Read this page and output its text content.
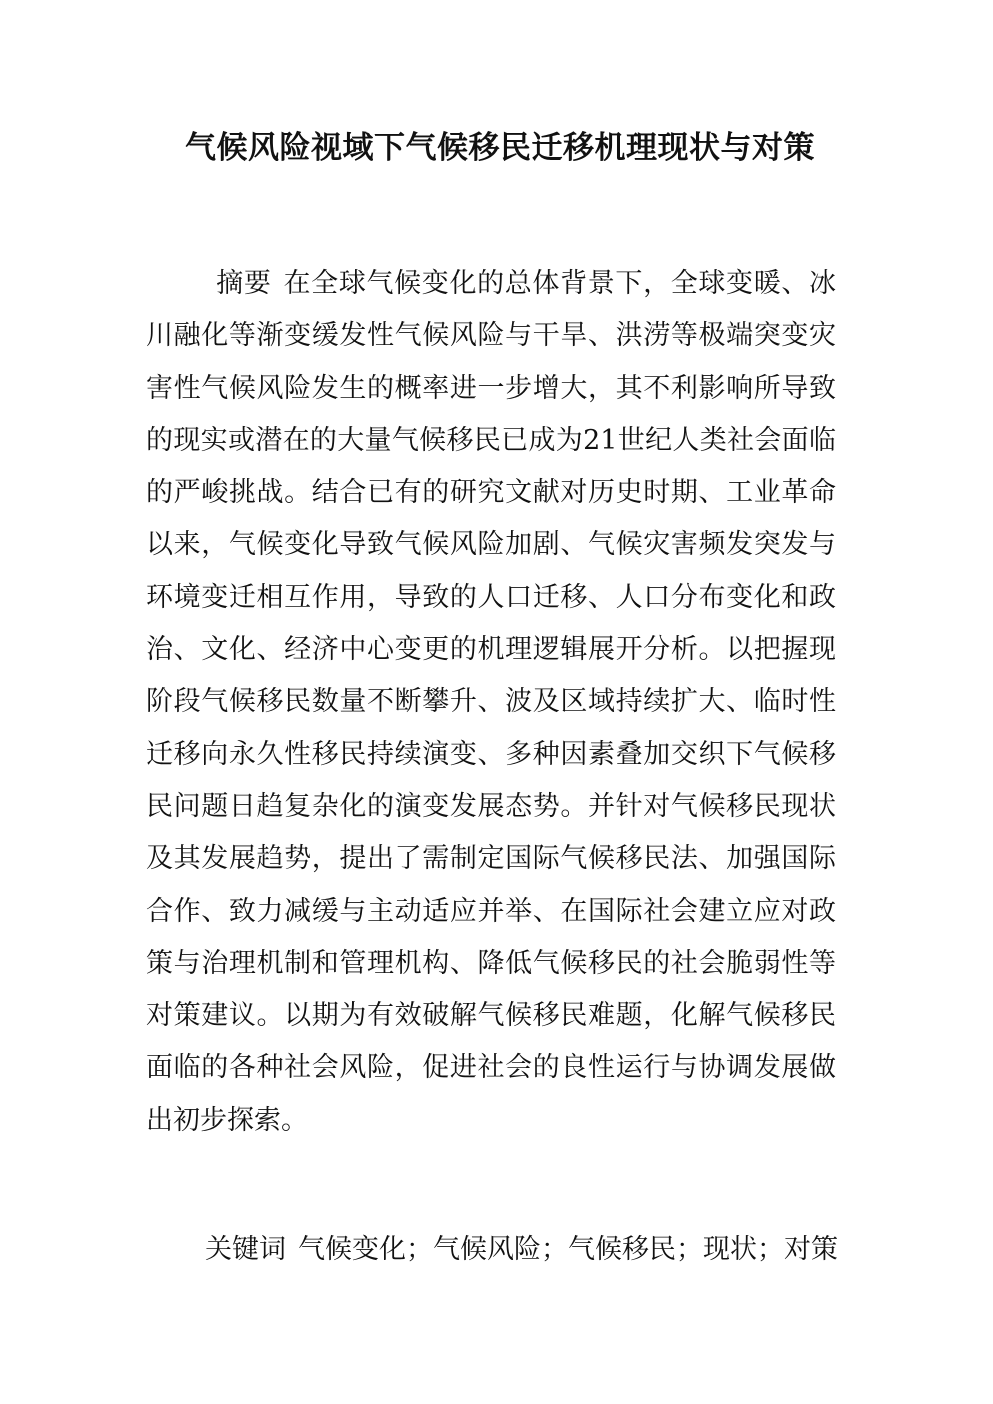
气候风险视域下气候移民迁移机理现状与对策

摘要 在全球气候变化的总体背景下，全球变暖、冰川融化等渐变缓发性气候风险与干旱、洪涝等极端突变灾害性气候风险发生的概率进一步增大，其不利影响所导致的现实或潜在的大量气候移民已成为21世纪人类社会面临的严峻挑战。结合已有的研究文献对历史时期、工业革命以来，气候变化导致气候风险加剧、气候灾害频发突发与环境变迁相互作用，导致的人口迁移、人口分布变化和政治、文化、经济中心变更的机理逻辑展开分析。以把握现阶段气候移民数量不断攀升、波及区域持续扩大、临时性迁移向永久性移民持续演变、多种因素叠加交织下气候移民问题日趋复杂化的演变发展态势。并针对气候移民现状及其发展趋势，提出了需制定国际气候移民法、加强国际合作、致力减缓与主动适应并举、在国际社会建立应对政策与治理机制和管理机构、降低气候移民的社会脆弱性等对策建议。以期为有效破解气候移民难题，化解气候移民面临的各种社会风险，促进社会的良性运行与协调发展做出初步探索。

关键词 气候变化；气候风险；气候移民；现状；对策
